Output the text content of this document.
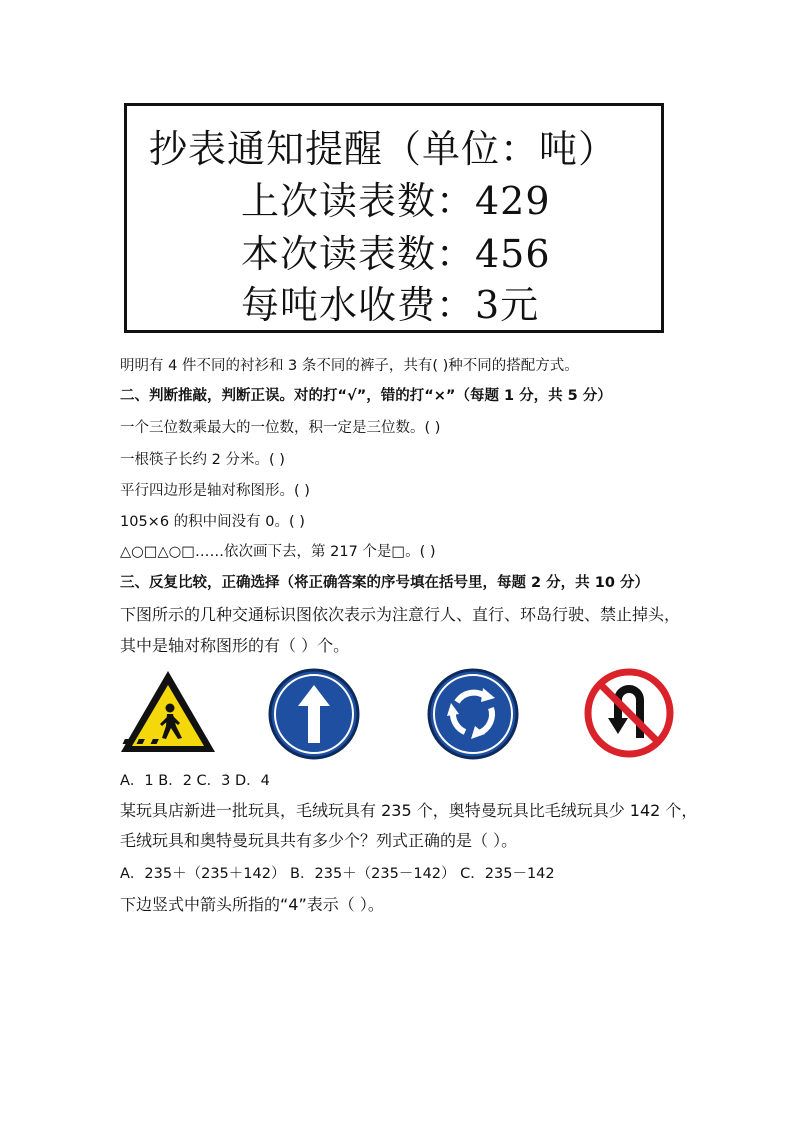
抄表通知提醒（单位：吨）
上次读表数：429
本次读表数：456
每吨水收费：3元
明明有 4 件不同的衬衫和 3 条不同的裤子，共有( )种不同的搭配方式。
二、判断推敲，判断正误。对的打“√”，错的打“×”（每题 1 分，共 5 分）
一个三位数乘最大的一位数，积一定是三位数。( )
一根筷子长约 2 分米。( )
平行四边形是轴对称图形。( )
105×6 的积中间没有 0。( )
△○□△○□……依次画下去，第 217 个是□。( )
三、反复比较，正确选择（将正确答案的序号填在括号里，每题 2 分，共 10 分）
下图所示的几种交通标识图依次表示为注意行人、直行、环岛行驶、禁止掉头，
其中是轴对称图形的有（ ）个。
A．1 B．2 C．3 D．4
某玩具店新进一批玩具，毛绒玩具有 235 个，奥特曼玩具比毛绒玩具少 142 个，
毛绒玩具和奥特曼玩具共有多少个？列式正确的是（ ）。
A．235＋（235＋142） B．235＋（235－142） C．235－142
下边竖式中箭头所指的“4”表示（ ）。
